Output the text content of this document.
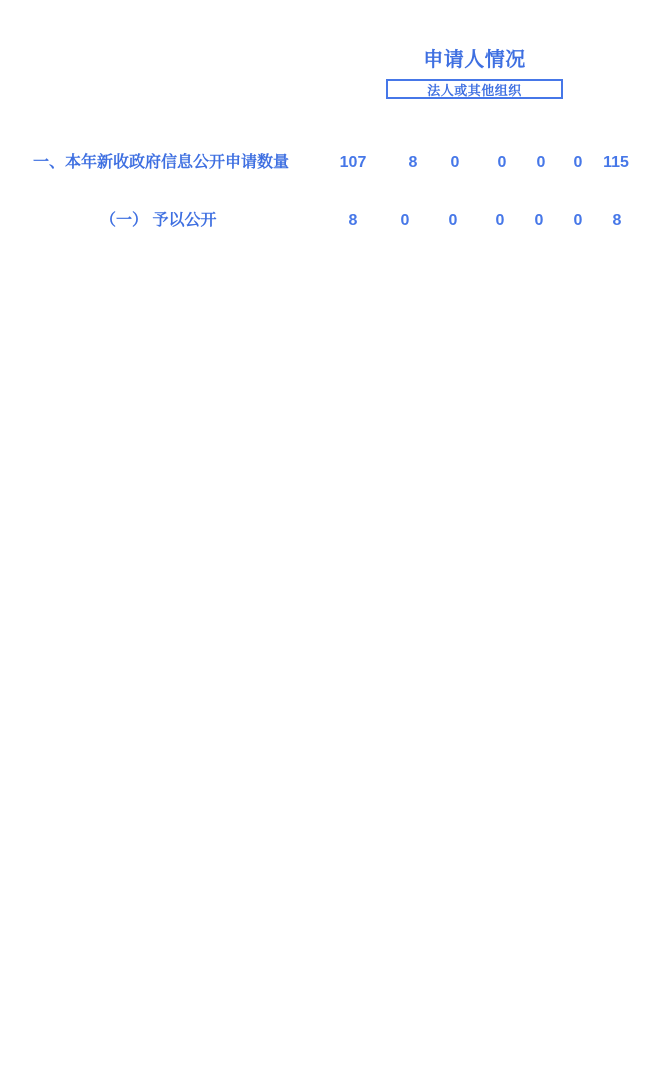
申请人情况
法人或其他组织
一、本年新收政府信息公开申请数量	107	8 0 0 0 0 115
（一） 予以公开	8	0 0 0 0 0 8
